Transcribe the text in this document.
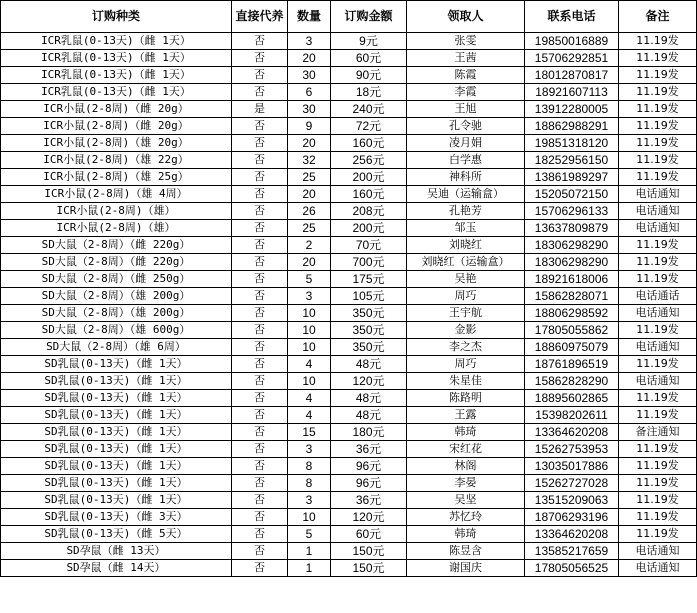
订购种类	直接代养	数量	订购金额	领取人	联系电话	备注
ICR乳鼠(0-13天)（雌 1天）	否	3	9元	张雯	19850016889	11.19发
ICR乳鼠(0-13天)（雌 1天）	否	20	60元	王茜	15706292851	11.19发
ICR乳鼠(0-13天)（雌 1天）	否	30	90元	陈霞	18012870817	11.19发
ICR乳鼠(0-13天)（雌 1天）	否	6	18元	李霞	18921607113	11.19发
ICR小鼠(2-8周)（雌 20g）	是	30	240元	王旭	13912280005	11.19发
ICR小鼠(2-8周)（雌 20g）	否	9	72元	孔令驰	18862988291	11.19发
ICR小鼠(2-8周)（雄 20g）	否	20	160元	凌月娟	19851318120	11.19发
ICR小鼠(2-8周)（雄 22g）	否	32	256元	白学惠	18252956150	11.19发
ICR小鼠(2-8周)（雄 25g）	否	25	200元	神科所	13861989297	11.19发
ICR小鼠(2-8周)（雄 4周）	否	20	160元	吴迪（运输盒）	15205072150	电话通知
ICR小鼠(2-8周)（雄）	否	26	208元	孔艳芳	15706296133	电话通知
ICR小鼠(2-8周)（雄）	否	25	200元	邹玉	13637809879	电话通知
SD大鼠（2-8周）（雌 220g）	否	2	70元	刘晓红	18306298290	11.19发
SD大鼠（2-8周）（雌 220g）	否	20	700元	刘晓红（运输盒）	18306298290	11.19发
SD大鼠（2-8周）（雌 250g）	否	5	175元	吴艳	18921618006	11.19发
SD大鼠（2-8周）（雄 200g）	否	3	105元	周巧	15862828071	电话通话
SD大鼠（2-8周）（雄 200g）	否	10	350元	王宇航	18806298592	电话通知
SD大鼠（2-8周）（雄 600g）	否	10	350元	金影	17805055862	11.19发
SD大鼠（2-8周）（雄 6周）	否	10	350元	李之杰	18860975079	电话通知
SD乳鼠(0-13天)（雌 1天）	否	4	48元	周巧	18761896519	11.19发
SD乳鼠(0-13天)（雌 1天）	否	10	120元	朱星佳	15862828290	电话通知
SD乳鼠(0-13天)（雌 1天）	否	4	48元	陈路明	18895602865	11.19发
SD乳鼠(0-13天)（雌 1天）	否	4	48元	王露	15398202611	11.19发
SD乳鼠(0-13天)（雌 1天）	否	15	180元	韩琦	13364620208	备注通知
SD乳鼠(0-13天)（雌 1天）	否	3	36元	宋红花	15262753953	11.19发
SD乳鼠(0-13天)（雌 1天）	否	8	96元	林阁	13035017886	11.19发
SD乳鼠(0-13天)（雌 1天）	否	8	96元	李晏	15262727028	11.19发
SD乳鼠(0-13天)（雌 1天）	否	3	36元	吴坚	13515209063	11.19发
SD乳鼠(0-13天)（雌 3天）	否	10	120元	苏忆玲	18706293196	11.19发
SD乳鼠(0-13天)（雌 5天）	否	5	60元	韩琦	13364620208	11.19发
SD孕鼠（雌 13天）	否	1	150元	陈昱含	13585217659	电话通知
SD孕鼠（雌 14天）	否	1	150元	谢国庆	17805056525	电话通知
